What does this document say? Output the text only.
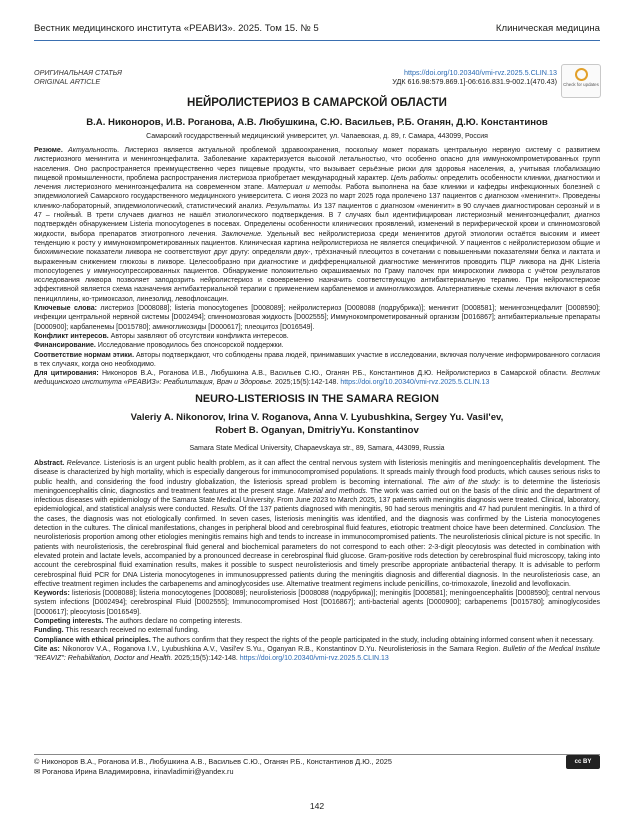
Вестник медицинского института «РЕАВИЗ». 2025. Том 15. № 5	Клиническая медицина
ОРИГИНАЛЬНАЯ СТАТЬЯ
ORIGINAL ARTICLE
https://doi.org/10.20340/vmi-rvz.2025.5.CLIN.13
УДК 616.98:579.869.1]-06:616.831.9-002.1(470.43) Check for updates
НЕЙРОЛИСТЕРИОЗ В САМАРСКОЙ ОБЛАСТИ
В.А. Никоноров, И.В. Роганова, А.В. Любушкина, С.Ю. Васильев, Р.Б. Оганян, Д.Ю. Константинов
Самарский государственный медицинский университет, ул. Чапаевская, д. 89, г. Самара, 443099, Россия
Резюме. Актуальность. Листериоз является актуальной проблемой здравоохранения, поскольку может поражать центральную нервную систему с развитием листериозного менингита и менингоэнцефалита. Заболевание характеризуется высокой летальностью, что особенно опасно для иммунокомпрометированных групп населения. Оно распространяется преимущественно через пищевые продукты, что вызывает серьёзные риски для здоровья населения, а, учитывая глобализацию пищевой промышленности, проблема распространения листериоза приобретает международный характер. Цель работы: определить особенности клиники, диагностики и лечения листериозного менингоэнцефалита на современном этапе. Материал и методы. Работа выполнена на базе клиники и кафедры инфекционных болезней с эпидемиологией Самарского государственного медицинского университета. С июня 2023 по март 2025 года пролечено 137 пациентов с диагнозом «менингит». Проведены клинико-лабораторный, эпидемиологический, статистический анализ. Результаты. Из 137 пациентов с диагнозом «менингит» в 90 случаев диагностирован серозный и в 47 – гнойный. В трети случаев диагноз не нашёл этиологического подтверждения. В 7 случаях был идентифицирован листериозный менингоэнцефалит, диагноз подтверждён обнаружением Listeria monocytogenes в посевах. Определены особенности клинических проявлений, изменений в периферической крови и спинномозговой жидкости, выбора препаратов этиотропного лечения. Заключение. Удельный вес нейролистериоза среди менингитов другой этиологии остаётся высоким и имеет тенденцию к росту у иммунокомпрометированных пациентов. Клиническая картина нейролистериоза не является специфичной. У пациентов с нейролистериозом общие и биохимические показатели ликвора не соответствуют друг другу: определяли двух-, трёхзначный плеоцитоз в сочетании с повышенными показателями белка и лактата и выраженным снижением глюкозы в ликворе. Целесообразно при диагностике и дифференциальной диагностике менингитов проводить ПЦР ликвора на ДНК Listeria monocytogenes у иммуносупрессированных пациентов. Обнаружение положительно окрашиваемых по Граму палочек при микроскопии ликвора с учётом результатов исследования ликвора позволяет заподозрить нейролистериоз и своевременно назначить соответствующую антибактериальную терапию. При нейролистериозе эффективной является схема назначения антибактериальной терапии с применением карбапенемов и аминогликозидов. Альтернативные схемы лечения включают в себя пенициллины, ко-тримоксазол, линезолид, левофлоксацин.
Ключевые слова: листериоз [D008088]; listeria monocytogenes [D008089]; нейролистериоз [D008088 (подрубрика)]; менингит [D008581]; менингоэнцефалит [D008590]; инфекции центральной нервной системы [D002494]; спинномозговая жидкость [D002555]; Иммунокомпрометированный организм [D016867]; антибактериальные препараты [D000900]; карбапенемы [D015780]; аминогликозиды [D000617]; плеоцитоз [D016549].
Конфликт интересов. Авторы заявляют об отсутствии конфликта интересов.
Финансирование. Исследование проводилось без спонсорской поддержки.
Соответствие нормам этики. Авторы подтверждают, что соблюдены права людей, принимавших участие в исследовании, включая получение информированного согласия в тех случаях, когда оно необходимо.
Для цитирования: Никоноров В.А., Роганова И.В., Любушкина А.В., Васильев С.Ю., Оганян Р.Б., Константинов Д.Ю. Нейролистериоз в Самарской области. Вестник медицинского института «РЕАВИЗ»: Реабилитация, Врач и Здоровье. 2025;15(5):142-148. https://doi.org/10.20340/vmi-rvz.2025.5.CLIN.13
NEURO-LISTERIOSIS IN THE SAMARA REGION
Valeriy A. Nikonorov, Irina V. Roganova, Anna V. Lyubushkina, Sergey Yu. Vasil'ev,
Robert B. Oganyan, DmitriyYu. Konstantinov
Samara State Medical University, Chapaevskaya str., 89, Samara, 443099, Russia
Abstract. Relevance. Listeriosis is an urgent public health problem, as it can affect the central nervous system with listeriosis meningitis and meningoencephalitis development. The disease is characterized by high mortality, which is especially dangerous for immunocompromised populations. It spreads mainly through food products, which causes serious risks to public health, and considering the food industry globalization, the listeriosis spread problem is becoming international. The aim of the study: is to determine the listeriosis meningoencephalitis clinic, diagnostics and treatment features at the present stage. Material and methods. The work was carried out on the basis of the clinic and the department of infectious diseases with epidemiology of the Samara State Medical University. From June 2023 to March 2025, 137 patients with meningitis diagnosis were treated. Clinical, laboratory, epidemiological, and statistical analysis were conducted. Results. Of the 137 patients diagnosed with meningitis, 90 had serous meningitis and 47 had purulent meningitis. In a third of the cases, the diagnosis was not etiologically confirmed. In seven cases, listeriosis meningitis was identified, and the diagnosis was confirmed by the Listeria monocytogenes detection in the cultures. The clinical manifestations, changes in peripheral blood and cerebrospinal fluid features, etiotropic treatment choice have been determined. Conclusion. The neurolisteriosis proportion among other etiologies meningitis remains high and tends to increase in immunocompromised patients. The neurolisteriosis clinical picture is not specific. In patients with neurolisteriosis, the cerebrospinal fluid general and biochemical parameters do not correspond to each other: 2-3-digit pleocytosis was detected in combination with elevated protein and lactate levels, accompanied by a pronounced decrease in cerebrospinal fluid glucose. Gram-positive rods detection by cerebrospinal fluid microscopy, taking into account the cerebrospinal fluid examination results, makes it possible to suspect neurolisteriosis and timely prescribe appropriate antibacterial therapy. It is advisable to perform cerebrospinal fluid PCR for DNA Listeria monocytogenes in immunosuppressed patients during the meningitis diagnosis and differential diagnosis. In the neurolisteriosis case, an effective treatment regimen includes the carbapenems and aminoglycosides use. Alternative treatment regimens include penicillins, co-trimoxazole, linezolid and levofloxacin.
Keywords: listeriosis [D008088]; listeria monocytogenes [D008089]; neurolisteriosis [D008088 (подрубрика)]; meningitis [D008581]; meningoencephalitis [D008590]; central nervous system infections [D002494]; cerebrospinal Fluid [D002555]; Immunocompromised Host [D016867]; anti-bacterial agents [D000900]; carbapenems [D015780]; aminoglycosides [D000617]; pleocytosis [D016549].
Competing interests. The authors declare no competing interests.
Funding. This research received no external funding.
Compliance with ethical principles. The authors confirm that they respect the rights of the people participated in the study, including obtaining informed consent when it necessary.
Cite as: Nikonorov V.A., Roganova I.V., Lyubushkina A.V., Vasil'ev S.Yu., Oganyan R.B., Konstantinov D.Yu. Neurolisteriosis in the Samara Region. Bulletin of the Medical Institute "REAVIZ": Rehabilitation, Doctor and Health. 2025;15(5):142-148. https://doi.org/10.20340/vmi-rvz.2025.5.CLIN.13
© Никоноров В.А., Роганова И.В., Любушкина А.В., Васильев С.Ю., Оганян Р.Б., Константинов Д.Ю., 2025
✉ Роганова Ирина Владимировна, irinavladimiri@yandex.ru
cc BY
142
